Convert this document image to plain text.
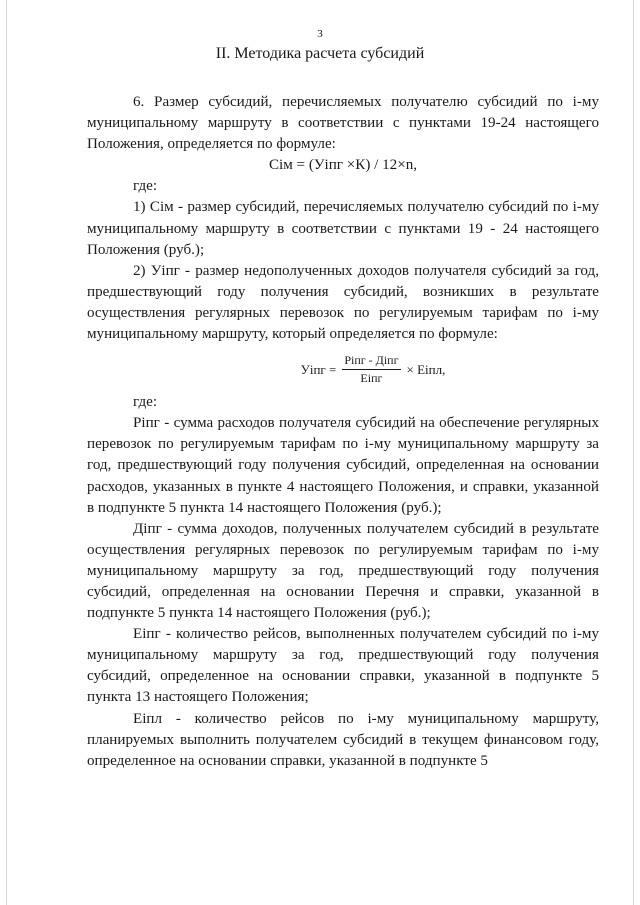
3
II. Методика расчета субсидий

6. Размер субсидий, перечисляемых получателю субсидий по i-му муниципальному маршруту в соответствии с пунктами 19-24 настоящего Положения, определяется по формуле:

Сiм = (Уiпг ×К) / 12×n,

где:

1) Сiм - размер субсидий, перечисляемых получателю субсидий по i-му муниципальному маршруту в соответствии с пунктами 19 - 24 настоящего Положения (руб.);

2) Уiпг - размер недополученных доходов получателя субсидий за год, предшествующий году получения субсидий, возникших в результате осуществления регулярных перевозок по регулируемым тарифам по i-му муниципальному маршруту, который определяется по формуле:

Уiпг = $\frac{\text{Рiпг - Дiпг}}{\text{Еiпг}}$ × Еiпл,

где:

Рiпг - сумма расходов получателя субсидий на обеспечение регулярных перевозок по регулируемым тарифам по i-му муниципальному маршруту за год, предшествующий году получения субсидий, определенная на основании расходов, указанных в пункте 4 настоящего Положения, и справки, указанной в подпункте 5 пункта 14 настоящего Положения (руб.);

Дiпг - сумма доходов, полученных получателем субсидий в результате осуществления регулярных перевозок по регулируемым тарифам по i-му муниципальному маршруту за год, предшествующий году получения субсидий, определенная на основании Перечня и справки, указанной в подпункте 5 пункта 14 настоящего Положения (руб.);

Еiпг - количество рейсов, выполненных получателем субсидий по i-му муниципальному маршруту за год, предшествующий году получения субсидий, определенное на основании справки, указанной в подпункте 5 пункта 13 настоящего Положения;

Еiпл - количество рейсов по i-му муниципальному маршруту, планируемых выполнить получателем субсидий в текущем финансовом году, определенное на основании справки, указанной в подпункте 5
